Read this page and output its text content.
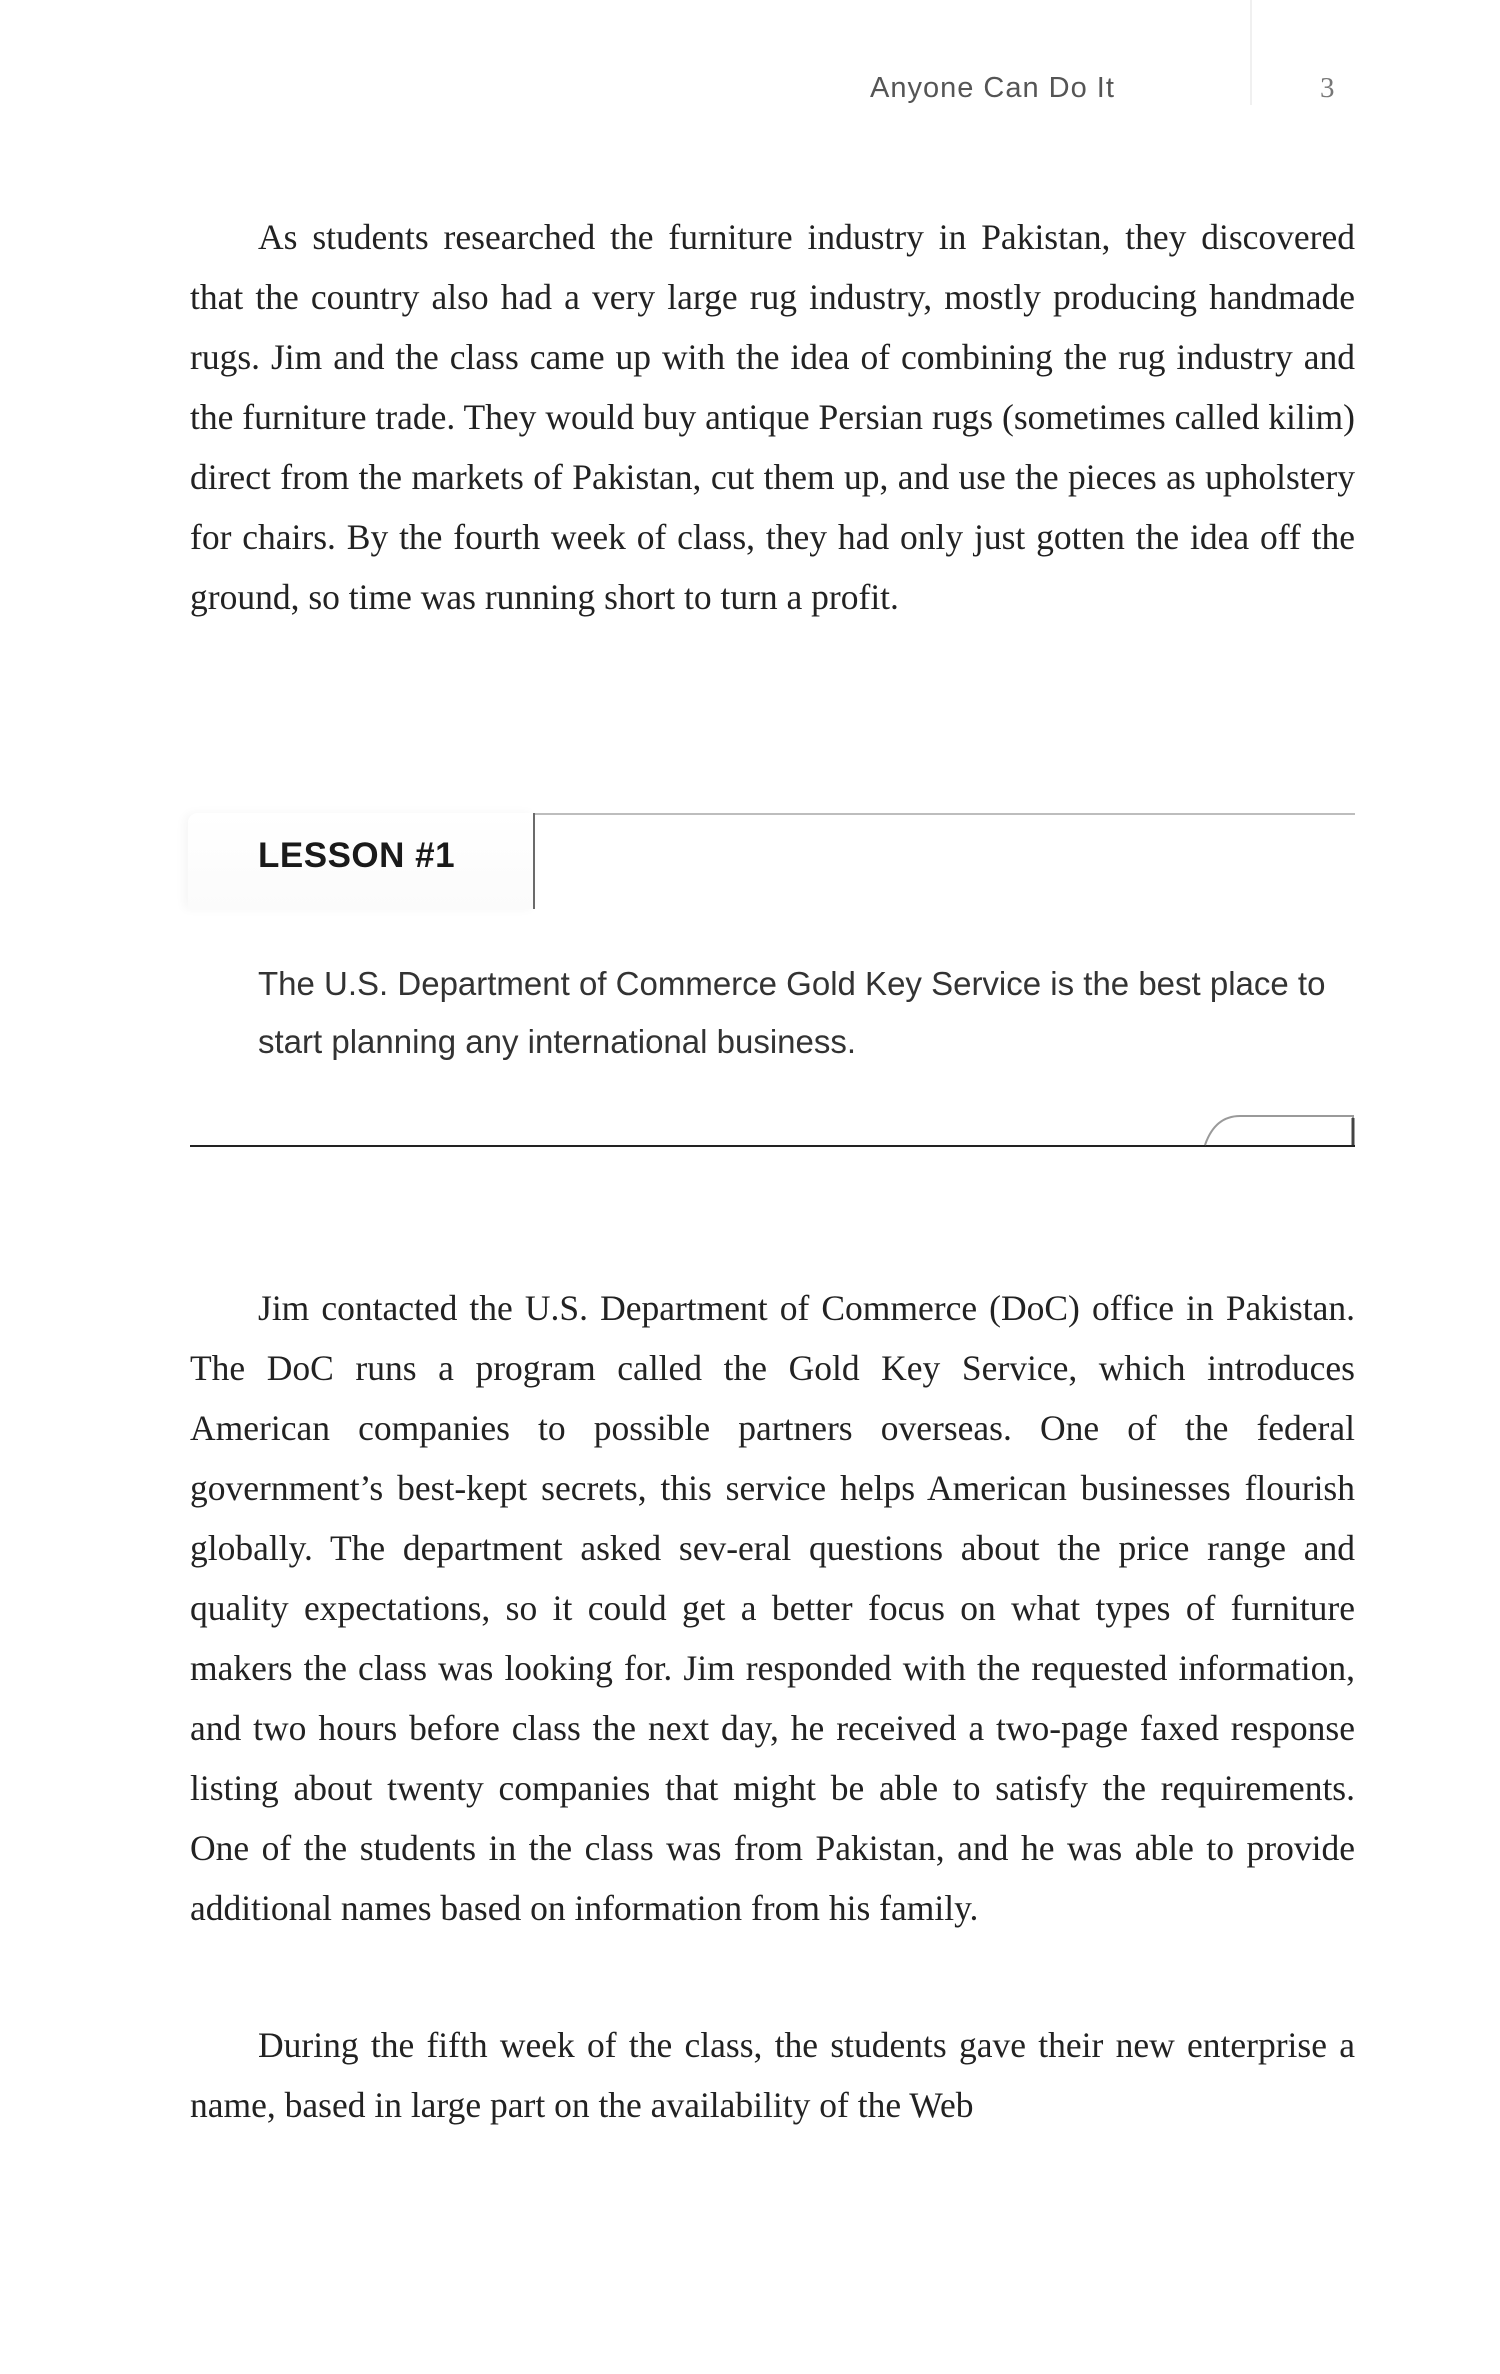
Anyone Can Do It	3

As students researched the furniture industry in Pakistan, they discovered that the country also had a very large rug industry, mostly producing handmade rugs. Jim and the class came up with the idea of combining the rug industry and the furniture trade. They would buy antique Persian rugs (sometimes called kilim) direct from the markets of Pakistan, cut them up, and use the pieces as upholstery for chairs. By the fourth week of class, they had only just gotten the idea off the ground, so time was running short to turn a profit.

LESSON #1

The U.S. Department of Commerce Gold Key Service is the best place to start planning any international business.

Jim contacted the U.S. Department of Commerce (DoC) office in Pakistan. The DoC runs a program called the Gold Key Service, which introduces American companies to possible partners overseas. One of the federal government’s best-kept secrets, this service helps American businesses flourish globally. The department asked sev-eral questions about the price range and quality expectations, so it could get a better focus on what types of furniture makers the class was looking for. Jim responded with the requested information, and two hours before class the next day, he received a two-page faxed response listing about twenty companies that might be able to satisfy the requirements. One of the students in the class was from Pakistan, and he was able to provide additional names based on information from his family.

During the fifth week of the class, the students gave their new enterprise a name, based in large part on the availability of the Web
